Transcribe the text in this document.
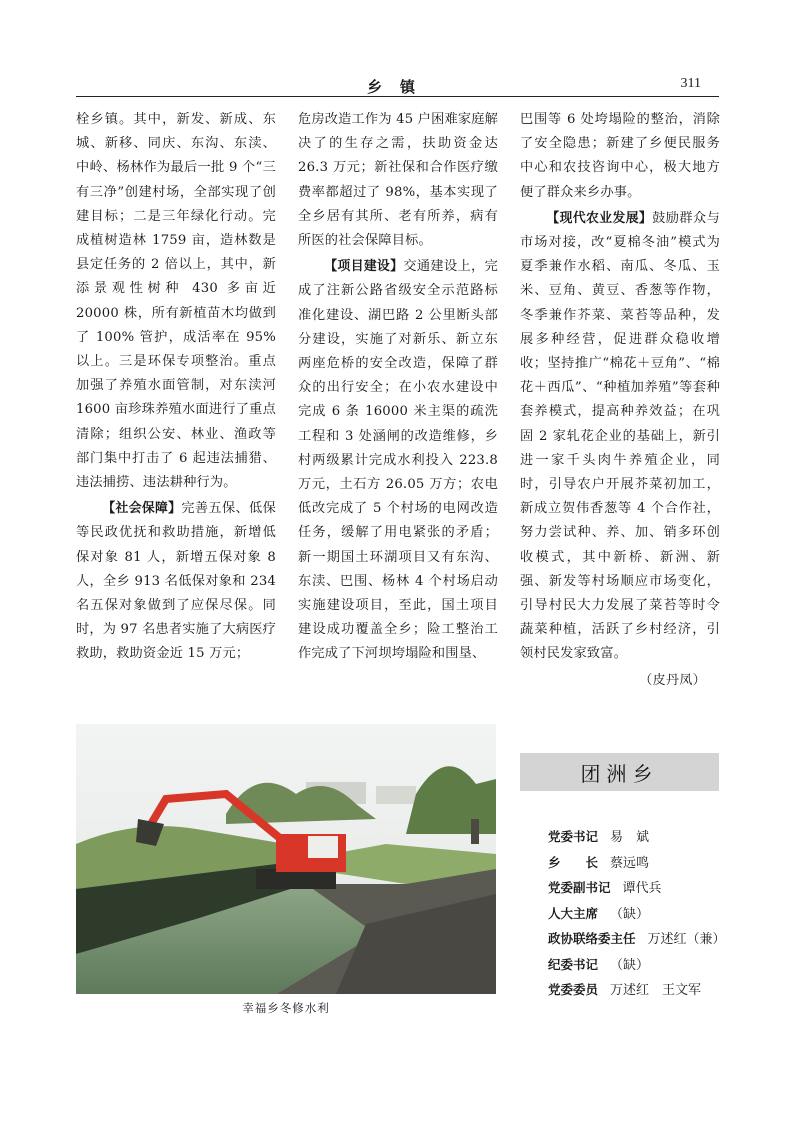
乡镇	311

栓乡镇。其中，新发、新成、东城、新移、同庆、东沟、东渎、中岭、杨林作为最后一批 9 个“三有三净”创建村场，全部实现了创建目标；二是三年绿化行动。完成植树造林 1759 亩，造林数是县定任务的 2 倍以上，其中，新添景观性树种 430 多亩近 20000 株，所有新植苗木均做到了 100% 管护，成活率在 95% 以上。三是环保专项整治。重点加强了养殖水面管制，对东渎河 1600 亩珍珠养殖水面进行了重点清除；组织公安、林业、渔政等部门集中打击了 6 起违法捕猎、违法捕捞、违法耕种行为。

【社会保障】完善五保、低保等民政优抚和救助措施，新增低保对象 81 人，新增五保对象 8 人，全乡 913 名低保对象和 234 名五保对象做到了应保尽保。同时，为 97 名患者实施了大病医疗救助，救助资金近 15 万元；

危房改造工作为 45 户困难家庭解决了的生存之需，扶助资金达 26.3 万元；新社保和合作医疗缴费率都超过了 98%，基本实现了全乡居有其所、老有所养，病有所医的社会保障目标。

【项目建设】交通建设上，完成了注新公路省级安全示范路标准化建设、湖巴路 2 公里断头部分建设，实施了对新乐、新立东两座危桥的安全改造，保障了群众的出行安全；在小农水建设中完成 6 条 16000 米主渠的疏洗工程和 3 处涵闸的改造维修，乡村两级累计完成水利投入 223.8 万元，土石方 26.05 万方；农电低改完成了 5 个村场的电网改造任务，缓解了用电紧张的矛盾；新一期国土环湖项目又有东沟、东渎、巴围、杨林 4 个村场启动实施建设项目，至此，国土项目建设成功覆盖全乡；险工整治工作完成了下河坝垮塌险和围垦、

巴围等 6 处垮塌险的整治，消除了安全隐患；新建了乡便民服务中心和农技咨询中心，极大地方便了群众来乡办事。

【现代农业发展】鼓励群众与市场对接，改“夏棉冬油”模式为夏季兼作水稻、南瓜、冬瓜、玉米、豆角、黄豆、香葱等作物，冬季兼作芥菜、菜苔等品种，发展多种经营，促进群众稳收增收；坚持推广“棉花＋豆角”、“棉花＋西瓜”、“种植加养殖”等套种套养模式，提高种养效益；在巩固 2 家轧花企业的基础上，新引进一家千头肉牛养殖企业，同时，引导农户开展芥菜初加工，新成立贺伟香葱等 4 个合作社，努力尝试种、养、加、销多环创收模式，其中新桥、新洲、新强、新发等村场顺应市场变化，引导村民大力发展了菜苔等时令蔬菜种植，活跃了乡村经济，引领村民发家致富。

（皮丹凤）

幸福乡冬修水利
团洲乡
党委书记 易　斌
乡　　长 蔡远鸣
党委副书记 谭代兵
人大主席 （缺）
政协联络委主任 万述红（兼）
纪委书记 （缺）
党委委员 万述红　王文军
